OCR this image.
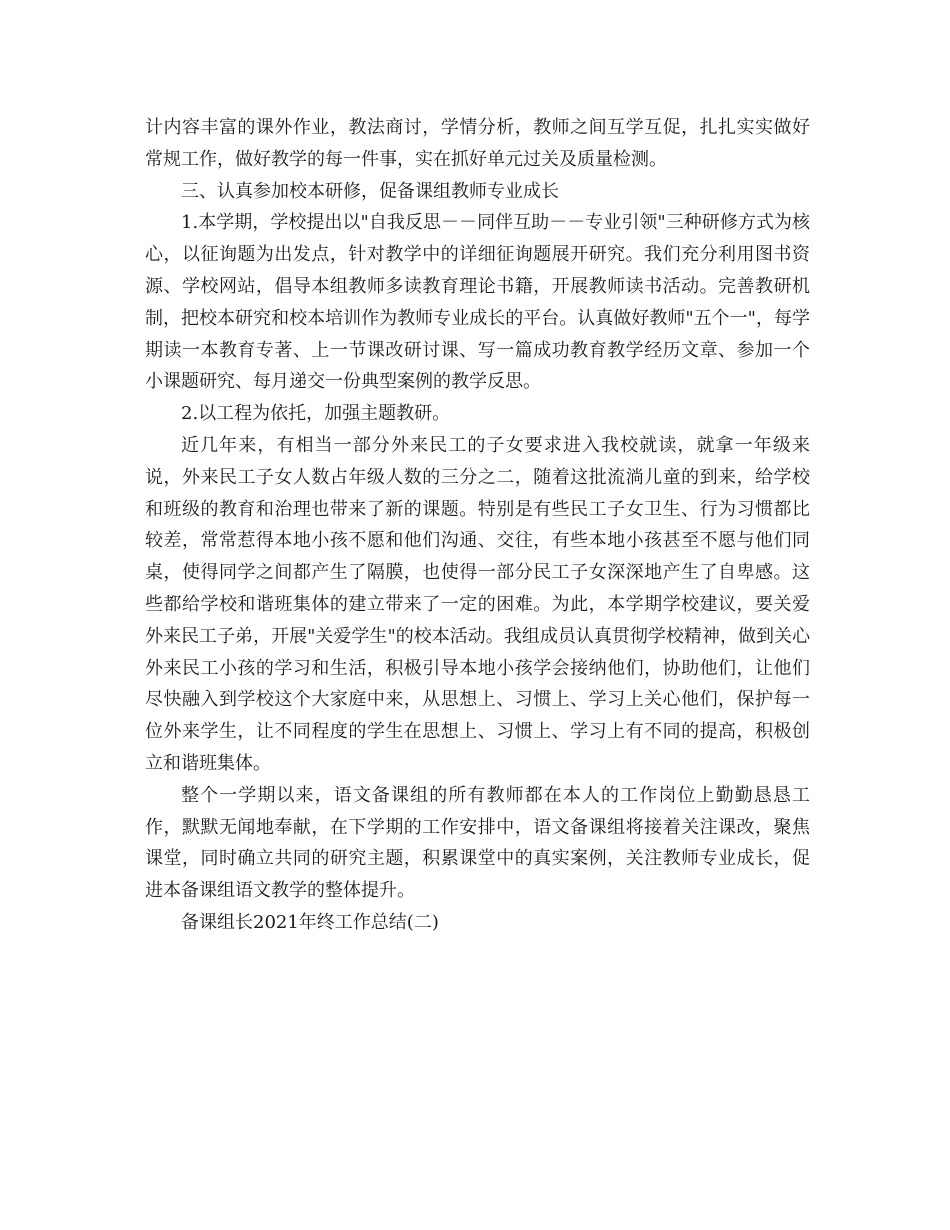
计内容丰富的课外作业，教法商讨，学情分析，教师之间互学互促，扎扎实实做好常规工作，做好教学的每一件事，实在抓好单元过关及质量检测。

三、认真参加校本研修，促备课组教师专业成长

1.本学期，学校提出以"自我反思－－同伴互助－－专业引领"三种研修方式为核心，以征询题为出发点，针对教学中的详细征询题展开研究。我们充分利用图书资源、学校网站，倡导本组教师多读教育理论书籍，开展教师读书活动。完善教研机制，把校本研究和校本培训作为教师专业成长的平台。认真做好教师"五个一"，每学期读一本教育专著、上一节课改研讨课、写一篇成功教育教学经历文章、参加一个小课题研究、每月递交一份典型案例的教学反思。

2.以工程为依托，加强主题教研。

近几年来，有相当一部分外来民工的子女要求进入我校就读，就拿一年级来说，外来民工子女人数占年级人数的三分之二，随着这批流淌儿童的到来，给学校和班级的教育和治理也带来了新的课题。特别是有些民工子女卫生、行为习惯都比较差，常常惹得本地小孩不愿和他们沟通、交往，有些本地小孩甚至不愿与他们同桌，使得同学之间都产生了隔膜，也使得一部分民工子女深深地产生了自卑感。这些都给学校和谐班集体的建立带来了一定的困难。为此，本学期学校建议，要关爱外来民工子弟，开展"关爱学生"的校本活动。我组成员认真贯彻学校精神，做到关心外来民工小孩的学习和生活，积极引导本地小孩学会接纳他们，协助他们，让他们尽快融入到学校这个大家庭中来，从思想上、习惯上、学习上关心他们，保护每一位外来学生，让不同程度的学生在思想上、习惯上、学习上有不同的提高，积极创立和谐班集体。

整个一学期以来，语文备课组的所有教师都在本人的工作岗位上勤勤恳恳工作，默默无闻地奉献，在下学期的工作安排中，语文备课组将接着关注课改，聚焦课堂，同时确立共同的研究主题，积累课堂中的真实案例，关注教师专业成长，促进本备课组语文教学的整体提升。

备课组长2021年终工作总结(二)
